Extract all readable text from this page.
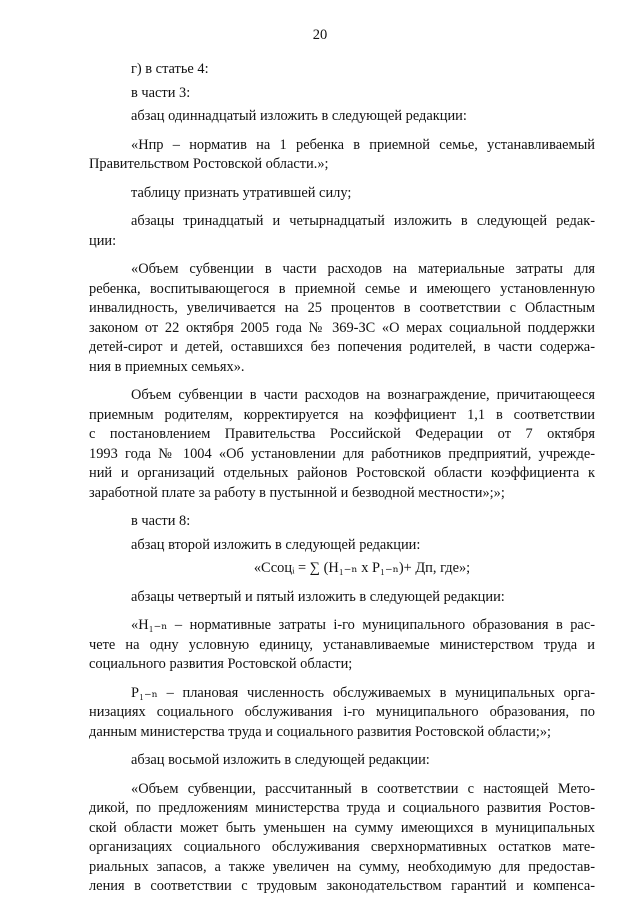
20

г) в статье 4:

в части 3:

абзац одиннадцатый изложить в следующей редакции:

«Нпр – норматив на 1 ребенка в приемной семье, устанавливаемый
Правительством Ростовской области.»;

таблицу признать утратившей силу;

абзацы тринадцатый и четырнадцатый изложить в следующей редак-
ции:
«Объем субвенции в части расходов на материальные затраты для
ребенка, воспитывающегося в приемной семье и имеющего установленную
инвалидность, увеличивается на 25 процентов в соответствии с Областным
законом от 22 октября 2005 года № 369-ЗС «О мерах социальной поддержки
детей-сирот и детей, оставшихся без попечения родителей, в части содержа-
ния в приемных семьях».
Объем субвенции в части расходов на вознаграждение, причитающееся
приемным родителям, корректируется на коэффициент 1,1 в соответствии
с постановлением Правительства Российской Федерации от 7 октября
1993 года № 1004 «Об установлении для работников предприятий, учрежде-
ний и организаций отдельных районов Ростовской области коэффициента к
заработной плате за работу в пустынной и безводной местности»;»;

в части 8:

абзац второй изложить в следующей редакции:

«Ссоцᵢ = ∑ (Н₁₋ₙ х Р₁₋ₙ)+ Дп, где»;

абзацы четвертый и пятый изложить в следующей редакции:

«Н₁₋ₙ – нормативные затраты i-го муниципального образования в рас-
чете на одну условную единицу, устанавливаемые министерством труда и
социального развития Ростовской области;
Р₁₋ₙ – плановая численность обслуживаемых в муниципальных орга-
низациях социального обслуживания i-го муниципального образования, по
данным министерства труда и социального развития Ростовской области;»;

абзац восьмой изложить в следующей редакции:

«Объем субвенции, рассчитанный в соответствии с настоящей Мето-
дикой, по предложениям министерства труда и социального развития Ростов-
ской области может быть уменьшен на сумму имеющихся в муниципальных
организациях социального обслуживания сверхнормативных остатков мате-
риальных запасов, а также увеличен на сумму, необходимую для предостав-
ления в соответствии с трудовым законодательством гарантий и компенса-
